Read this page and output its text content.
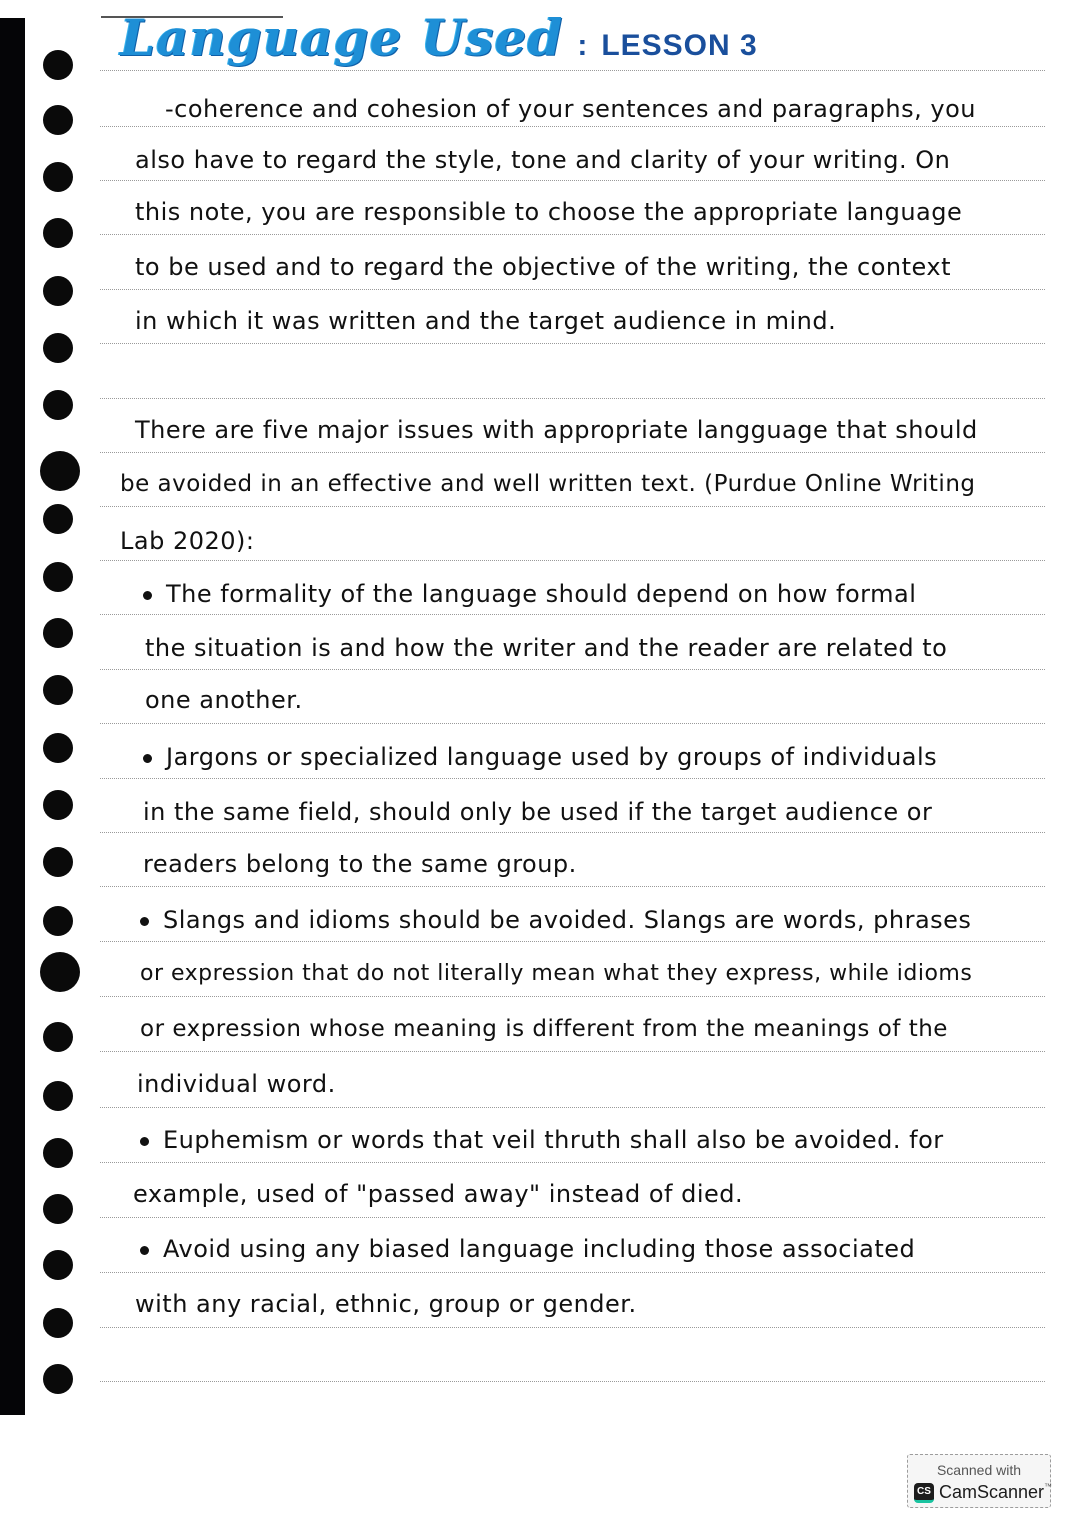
Language Used : LESSON 3
-coherence and cohesion of your sentences and paragraphs, you
also have to regard the style, tone and clarity of your writing. On
this note, you are responsible to choose the appropriate language
to be used and to regard the objective of the writing, the context
in which it was written and the target audience in mind.
There are five major issues with appropriate langguage that should
be avoided in an effective and well written text. (Purdue Online Writing
Lab 2020):
The formality of the language should depend on how formal
the situation is and how the writer and the reader are related to
one another.
Jargons or specialized language used by groups of individuals
in the same field, should only be used if the target audience or
readers belong to the same group.
Slangs and idioms should be avoided. Slangs are words, phrases
or expression that do not literally mean what they express, while idioms
or expression whose meaning is different from the meanings of the
individual word.
Euphemism or words that veil thruth shall also be avoided. for
example, used of "passed away" instead of died.
Avoid using any biased language including those associated
with any racial, ethnic, group or gender.
Scanned with
CS CamScanner™
